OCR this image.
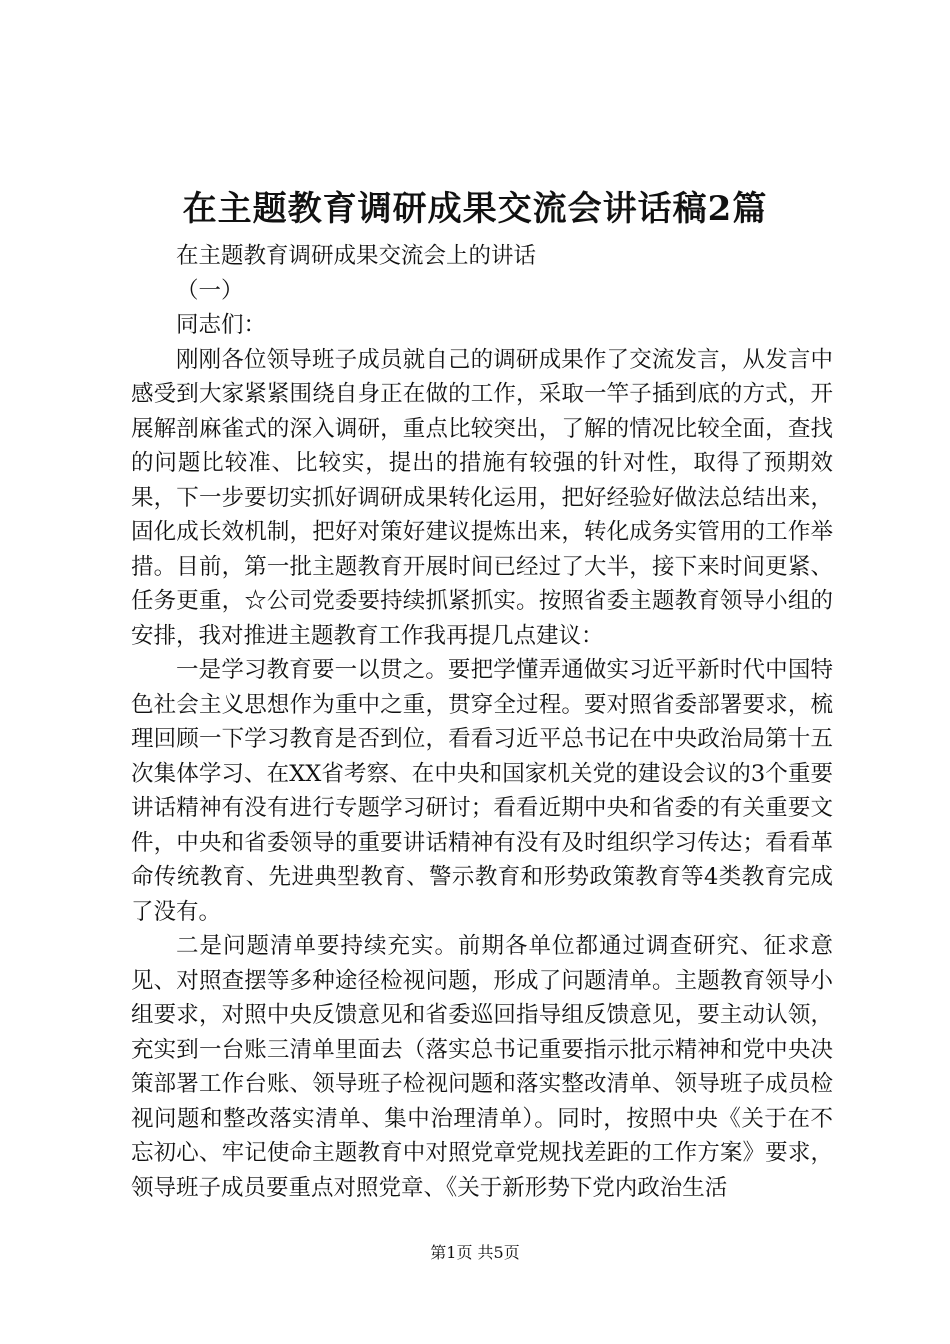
在主题教育调研成果交流会讲话稿2篇

在主题教育调研成果交流会上的讲话

（一）

同志们：

刚刚各位领导班子成员就自己的调研成果作了交流发言，从发言中感受到大家紧紧围绕自身正在做的工作，采取一竿子插到底的方式，开展解剖麻雀式的深入调研，重点比较突出，了解的情况比较全面，查找的问题比较准、比较实，提出的措施有较强的针对性，取得了预期效果，下一步要切实抓好调研成果转化运用，把好经验好做法总结出来，固化成长效机制，把好对策好建议提炼出来，转化成务实管用的工作举措。目前，第一批主题教育开展时间已经过了大半，接下来时间更紧、任务更重，☆公司党委要持续抓紧抓实。按照省委主题教育领导小组的安排，我对推进主题教育工作我再提几点建议：

一是学习教育要一以贯之。要把学懂弄通做实习近平新时代中国特色社会主义思想作为重中之重，贯穿全过程。要对照省委部署要求，梳理回顾一下学习教育是否到位，看看习近平总书记在中央政治局第十五次集体学习、在XX省考察、在中央和国家机关党的建设会议的3个重要讲话精神有没有进行专题学习研讨；看看近期中央和省委的有关重要文件，中央和省委领导的重要讲话精神有没有及时组织学习传达；看看革命传统教育、先进典型教育、警示教育和形势政策教育等4类教育完成了没有。

二是问题清单要持续充实。前期各单位都通过调查研究、征求意见、对照查摆等多种途径检视问题，形成了问题清单。主题教育领导小组要求，对照中央反馈意见和省委巡回指导组反馈意见，要主动认领，充实到一台账三清单里面去（落实总书记重要指示批示精神和党中央决策部署工作台账、领导班子检视问题和落实整改清单、领导班子成员检视问题和整改落实清单、集中治理清单）。同时，按照中央《关于在不忘初心、牢记使命主题教育中对照党章党规找差距的工作方案》要求，领导班子成员要重点对照党章、《关于新形势下党内政治生活

第1页 共5页
